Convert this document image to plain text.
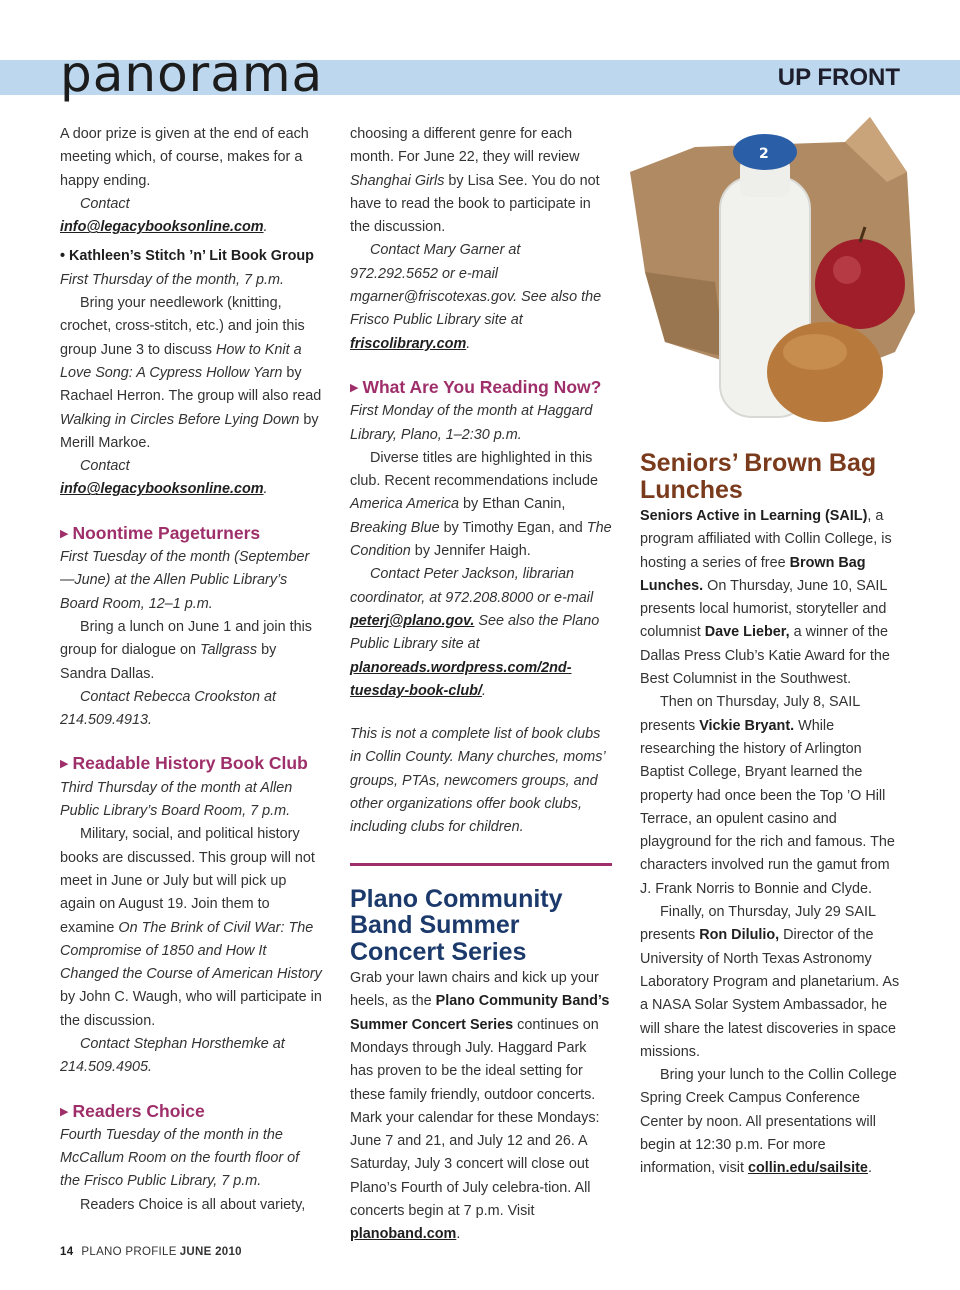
panorama	UP FRONT

A door prize is given at the end of each meeting which, of course, makes for a happy ending.

Contact info@legacybooksonline.com.

• Kathleen’s Stitch ’n’ Lit Book Group

First Thursday of the month, 7 p.m.

Bring your needlework (knitting, crochet, cross-stitch, etc.) and join this group June 3 to discuss How to Knit a Love Song: A Cypress Hollow Yarn by Rachael Herron. The group will also read Walking in Circles Before Lying Down by Merill Markoe.

Contact info@legacybooksonline.com.

▶ Noontime Pageturners

First Tuesday of the month (September—June) at the Allen Public Library’s Board Room, 12–1 p.m.

Bring a lunch on June 1 and join this group for dialogue on Tallgrass by Sandra Dallas.

Contact Rebecca Crookston at 214.509.4913.

▶ Readable History Book Club

Third Thursday of the month at Allen Public Library’s Board Room, 7 p.m.

Military, social, and political history books are discussed. This group will not meet in June or July but will pick up again on August 19. Join them to examine On The Brink of Civil War: The Compromise of 1850 and How It Changed the Course of American History by John C. Waugh, who will participate in the discussion.

Contact Stephan Horsthemke at 214.509.4905.

▶ Readers Choice

Fourth Tuesday of the month in the McCallum Room on the fourth floor of the Frisco Public Library, 7 p.m.

Readers Choice is all about variety,

choosing a different genre for each month. For June 22, they will review Shanghai Girls by Lisa See. You do not have to read the book to participate in the discussion.

Contact Mary Garner at 972.292.5652 or e-mail mgarner@friscotexas.gov. See also the Frisco Public Library site at friscolibrary.com.

▶ What Are You Reading Now?

First Monday of the month at Haggard Library, Plano, 1–2:30 p.m.

Diverse titles are highlighted in this club. Recent recommendations include America America by Ethan Canin, Breaking Blue by Timothy Egan, and The Condition by Jennifer Haigh.

Contact Peter Jackson, librarian coordinator, at 972.208.8000 or e-mail peterj@plano.gov. See also the Plano Public Library site at planoreads.wordpress.com/2nd-tuesday-book-club/.

This is not a complete list of book clubs in Collin County. Many churches, moms’ groups, PTAs, newcomers groups, and other organizations offer book clubs, including clubs for children.

Plano Community Band Summer Concert Series

Grab your lawn chairs and kick up your heels, as the Plano Community Band’s Summer Concert Series continues on Mondays through July. Haggard Park has proven to be the ideal setting for these family friendly, outdoor concerts. Mark your calendar for these Mondays: June 7 and 21, and July 12 and 26. A Saturday, July 3 concert will close out Plano’s Fourth of July celebra-tion. All concerts begin at 7 p.m. Visit planoband.com.

2

Seniors’ Brown Bag Lunches

Seniors Active in Learning (SAIL), a program affiliated with Collin College, is hosting a series of free Brown Bag Lunches. On Thursday, June 10, SAIL presents local humorist, storyteller and columnist Dave Lieber, a winner of the Dallas Press Club’s Katie Award for the Best Columnist in the Southwest.

Then on Thursday, July 8, SAIL presents Vickie Bryant. While researching the history of Arlington Baptist College, Bryant learned the property had once been the Top ’O Hill Terrace, an opulent casino and playground for the rich and famous. The characters involved run the gamut from J. Frank Norris to Bonnie and Clyde.

Finally, on Thursday, July 29 SAIL presents Ron Dilulio, Director of the University of North Texas Astronomy Laboratory Program and planetarium. As a NASA Solar System Ambassador, he will share the latest discoveries in space missions.

Bring your lunch to the Collin College Spring Creek Campus Conference Center by noon. All presentations will begin at 12:30 p.m. For more information, visit collin.edu/sailsite.

14 PLANO PROFILE JUNE 2010
